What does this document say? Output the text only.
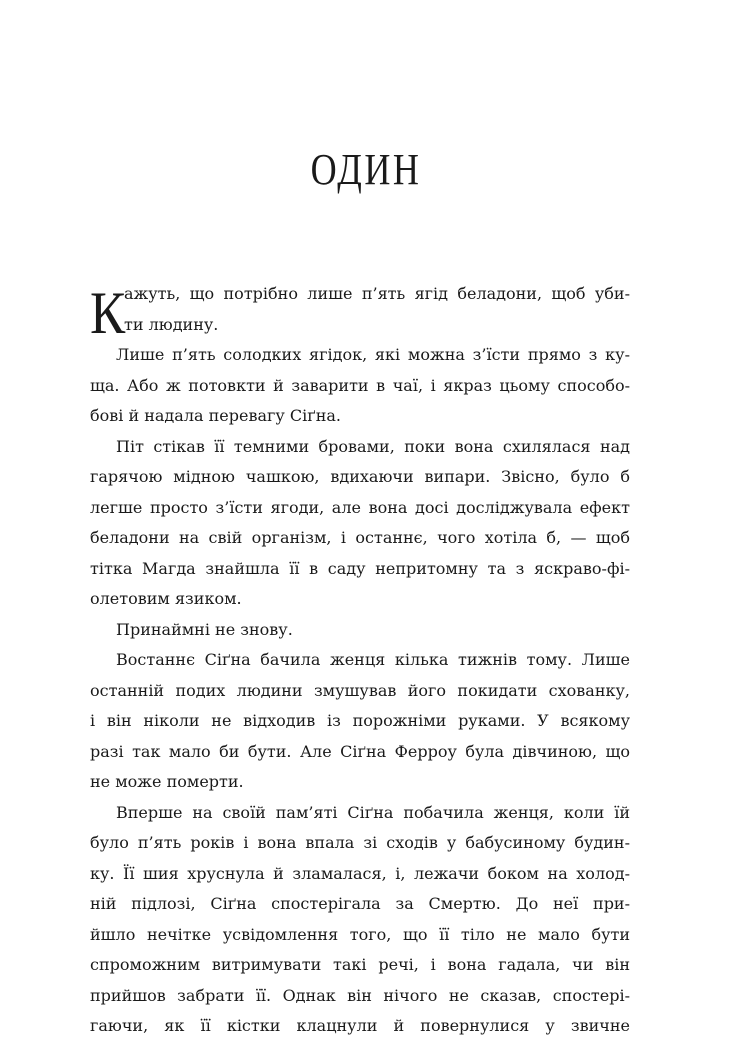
ОДИН
К
ажуть, що потрібно лише п’ять ягід беладони, щоб уби-
ти людину.
Лише п’ять солодких ягідок, які можна з’їсти прямо з ку-
ща. Або ж потовкти й заварити в чаї, і якраз цьому способо-
бові й надала перевагу Сіґна.
Піт стікав її темними бровами, поки вона схилялася над
гарячою мідною чашкою, вдихаючи випари. Звісно, було б
легше просто з’їсти ягоди, але вона досі досліджувала ефект
беладони на свій організм, і останнє, чого хотіла б, — щоб
тітка Магда знайшла її в саду непритомну та з яскраво-фі-
олетовим язиком.
Принаймні не знову.
Востаннє Сіґна бачила женця кілька тижнів тому. Лише
останній подих людини змушував його покидати схованку,
і він ніколи не відходив із порожніми руками. У всякому
разі так мало би бути. Але Сіґна Ферроу була дівчиною, що
не може померти.
Вперше на своїй пам’яті Сіґна побачила женця, коли їй
було п’ять років і вона впала зі сходів у бабусиному будин-
ку. Її шия хруснула й зламалася, і, лежачи боком на холод-
ній підлозі, Сіґна спостерігала за Смертю. До неї при-
йшло нечітке усвідомлення того, що її тіло не мало бути
спроможним витримувати такі речі, і вона гадала, чи він
прийшов забрати її. Однак він нічого не сказав, спостері-
гаючи, як її кістки клацнули й повернулися у звичне
